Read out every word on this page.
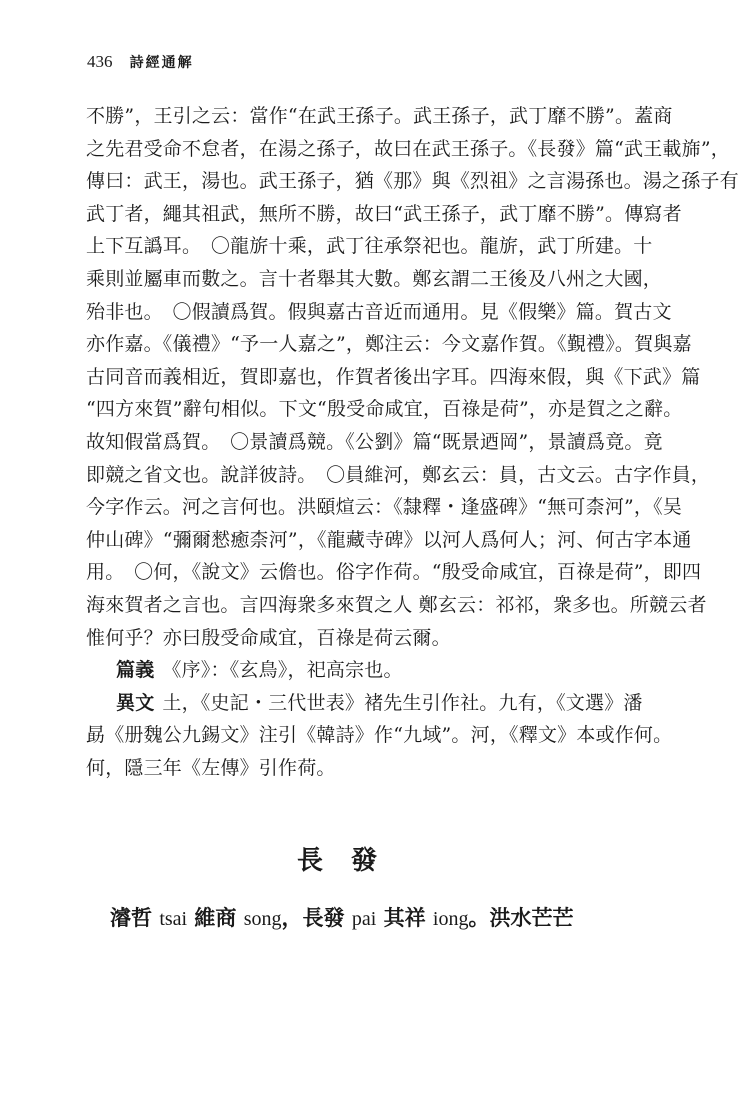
436 詩經通解
不勝”，王引之云：當作“在武王孫子。武王孫子，武丁靡不勝”。蓋商
之先君受命不怠者，在湯之孫子，故曰在武王孫子。《長發》篇“武王載旆”，
傳曰：武王，湯也。武王孫子，猶《那》與《烈祖》之言湯孫也。湯之孫子有
武丁者，繩其祖武，無所不勝，故曰“武王孫子，武丁靡不勝”。傳寫者
上下互譌耳。　〇龍旂十乘，武丁往承祭祀也。龍旂，武丁所建。十
乘則並屬車而數之。言十者舉其大數。鄭玄謂二王後及八州之大國，
殆非也。　〇假讀爲賀。假與嘉古音近而通用。見《假樂》篇。賀古文
亦作嘉。《儀禮》“予一人嘉之”，鄭注云：今文嘉作賀。《覲禮》。賀與嘉
古同音而義相近，賀即嘉也，作賀者後出字耳。四海來假，與《下武》篇
“四方來賀”辭句相似。下文“殷受命咸宜，百祿是荷”，亦是賀之之辭。
故知假當爲賀。　〇景讀爲競。《公劉》篇“既景迺岡”，景讀爲竟。竟
即競之省文也。說詳彼詩。　〇員維河，鄭玄云：員，古文云。古字作員，
今字作云。河之言何也。洪頤煊云：《隸釋・逢盛碑》“無可柰河”，《吴
仲山碑》“彌爾憖癒柰河”，《龍藏寺碑》以河人爲何人；河、何古字本通
用。　〇何，《說文》云儋也。俗字作荷。“殷受命咸宜，百祿是荷”，即四
海來賀者之言也。言四海衆多來賀之人 鄭玄云：祁祁，衆多也。所競云者
惟何乎？亦曰殷受命咸宜，百祿是荷云爾。
篇義 《序》：《玄鳥》，祀高宗也。
異文 土，《史記・三代世表》褚先生引作社。九有，《文選》潘
勗《册魏公九錫文》注引《韓詩》作“九域”。河，《釋文》本或作何。
何，隱三年《左傳》引作荷。
長發
濬哲 tsai 維商 song，長發 pai 其祥 iong。洪水芒芒
